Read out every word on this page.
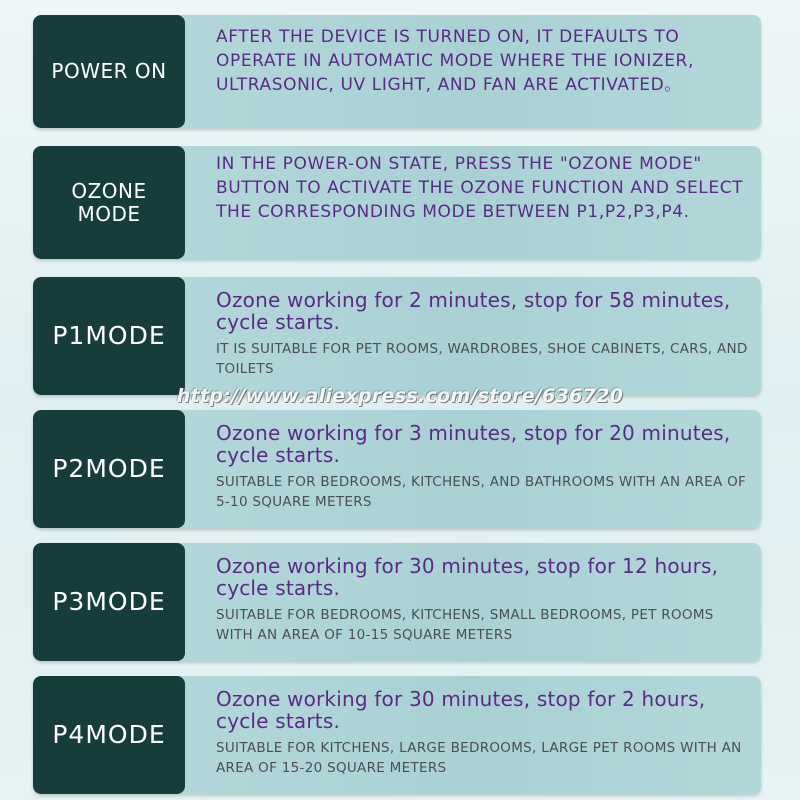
POWER ON
AFTER THE DEVICE IS TURNED ON, IT DEFAULTS TO OPERATE IN AUTOMATIC MODE WHERE THE IONIZER, ULTRASONIC, UV LIGHT, AND FAN ARE ACTIVATED。
OZONE
MODE
IN THE POWER-ON STATE, PRESS THE "OZONE MODE" BUTTON TO ACTIVATE THE OZONE FUNCTION AND SELECT THE CORRESPONDING MODE BETWEEN P1,P2,P3,P4.
P1MODE
Ozone working for 2 minutes, stop for 58 minutes, cycle starts.
IT IS SUITABLE FOR PET ROOMS, WARDROBES, SHOE CABINETS, CARS, AND TOILETS
P2MODE
Ozone working for 3 minutes, stop for 20 minutes, cycle starts.
SUITABLE FOR BEDROOMS, KITCHENS, AND BATHROOMS WITH AN AREA OF 5-10 SQUARE METERS
P3MODE
Ozone working for 30 minutes, stop for 12 hours, cycle starts.
SUITABLE FOR BEDROOMS, KITCHENS, SMALL BEDROOMS, PET ROOMS WITH AN AREA OF 10-15 SQUARE METERS
P4MODE
Ozone working for 30 minutes, stop for 2 hours, cycle starts.
SUITABLE FOR KITCHENS, LARGE BEDROOMS, LARGE PET ROOMS WITH AN AREA OF 15-20 SQUARE METERS
http://www.aliexpress.com/store/636720
